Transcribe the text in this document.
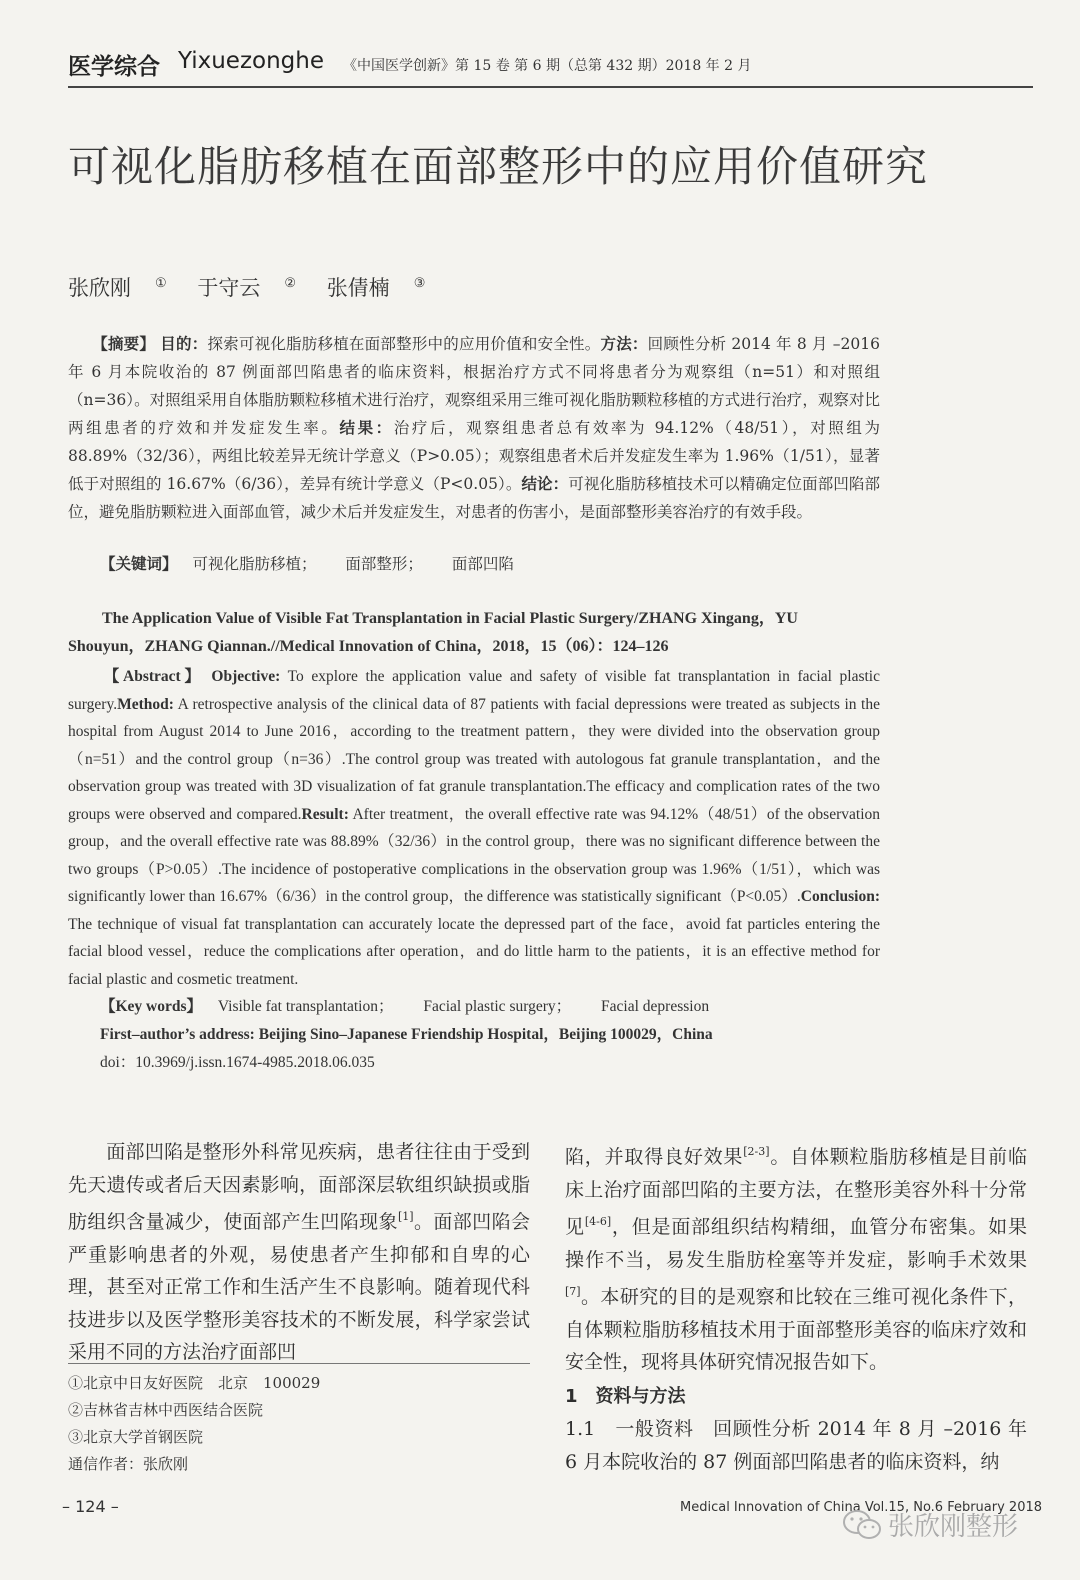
医学综合 Yixuezonghe 《中国医学创新》第 15 卷 第 6 期（总第 432 期）2018 年 2 月
可视化脂肪移植在面部整形中的应用价值研究
张欣刚 ① 于守云 ② 张倩楠 ③
【摘要】 目的：探索可视化脂肪移植在面部整形中的应用价值和安全性。方法：回顾性分析 2014 年 8 月 –2016 年 6 月本院收治的 87 例面部凹陷患者的临床资料，根据治疗方式不同将患者分为观察组（n=51）和对照组（n=36）。对照组采用自体脂肪颗粒移植术进行治疗，观察组采用三维可视化脂肪颗粒移植的方式进行治疗，观察对比两组患者的疗效和并发症发生率。结果：治疗后，观察组患者总有效率为 94.12%（48/51），对照组为 88.89%（32/36），两组比较差异无统计学意义（P>0.05）；观察组患者术后并发症发生率为 1.96%（1/51），显著低于对照组的 16.67%（6/36），差异有统计学意义（P<0.05）。结论：可视化脂肪移植技术可以精确定位面部凹陷部位，避免脂肪颗粒进入面部血管，减少术后并发症发生，对患者的伤害小，是面部整形美容治疗的有效手段。
【关键词】 可视化脂肪移植； 面部整形； 面部凹陷
The Application Value of Visible Fat Transplantation in Facial Plastic Surgery/ZHANG Xingang，YU
Shouyun，ZHANG Qiannan.//Medical Innovation of China，2018，15（06）：124–126
【Abstract】 Objective: To explore the application value and safety of visible fat transplantation in facial plastic surgery.Method: A retrospective analysis of the clinical data of 87 patients with facial depressions were treated as subjects in the hospital from August 2014 to June 2016，according to the treatment pattern，they were divided into the observation group（n=51）and the control group（n=36）.The control group was treated with autologous fat granule transplantation，and the observation group was treated with 3D visualization of fat granule transplantation.The efficacy and complication rates of the two groups were observed and compared.Result: After treatment，the overall effective rate was 94.12%（48/51）of the observation group，and the overall effective rate was 88.89%（32/36）in the control group，there was no significant difference between the two groups（P>0.05）.The incidence of postoperative complications in the observation group was 1.96%（1/51），which was significantly lower than 16.67%（6/36）in the control group，the difference was statistically significant（P<0.05）.Conclusion: The technique of visual fat transplantation can accurately locate the depressed part of the face，avoid fat particles entering the facial blood vessel，reduce the complications after operation，and do little harm to the patients，it is an effective method for facial plastic and cosmetic treatment.
【Key words】 Visible fat transplantation； Facial plastic surgery； Facial depression
First–author’s address: Beijing Sino–Japanese Friendship Hospital，Beijing 100029，China
doi：10.3969/j.issn.1674-4985.2018.06.035
面部凹陷是整形外科常见疾病，患者往往由于受到先天遗传或者后天因素影响，面部深层软组织缺损或脂肪组织含量减少，使面部产生凹陷现象[1]。面部凹陷会严重影响患者的外观，易使患者产生抑郁和自卑的心理，甚至对正常工作和生活产生不良影响。随着现代科技进步以及医学整形美容技术的不断发展，科学家尝试采用不同的方法治疗面部凹
陷，并取得良好效果[2-3]。自体颗粒脂肪移植是目前临床上治疗面部凹陷的主要方法，在整形美容外科十分常见[4-6]，但是面部组织结构精细，血管分布密集。如果操作不当，易发生脂肪栓塞等并发症，影响手术效果[7]。本研究的目的是观察和比较在三维可视化条件下，自体颗粒脂肪移植技术用于面部整形美容的临床疗效和安全性，现将具体研究情况报告如下。
1　资料与方法
1.1　一般资料　回顾性分析 2014 年 8 月 –2016 年 6 月本院收治的 87 例面部凹陷患者的临床资料，纳
①北京中日友好医院　北京　100029
②吉林省吉林中西医结合医院
③北京大学首钢医院
通信作者：张欣刚
– 124 –	Medical Innovation of China Vol.15, No.6 February 2018
张欣刚整形
